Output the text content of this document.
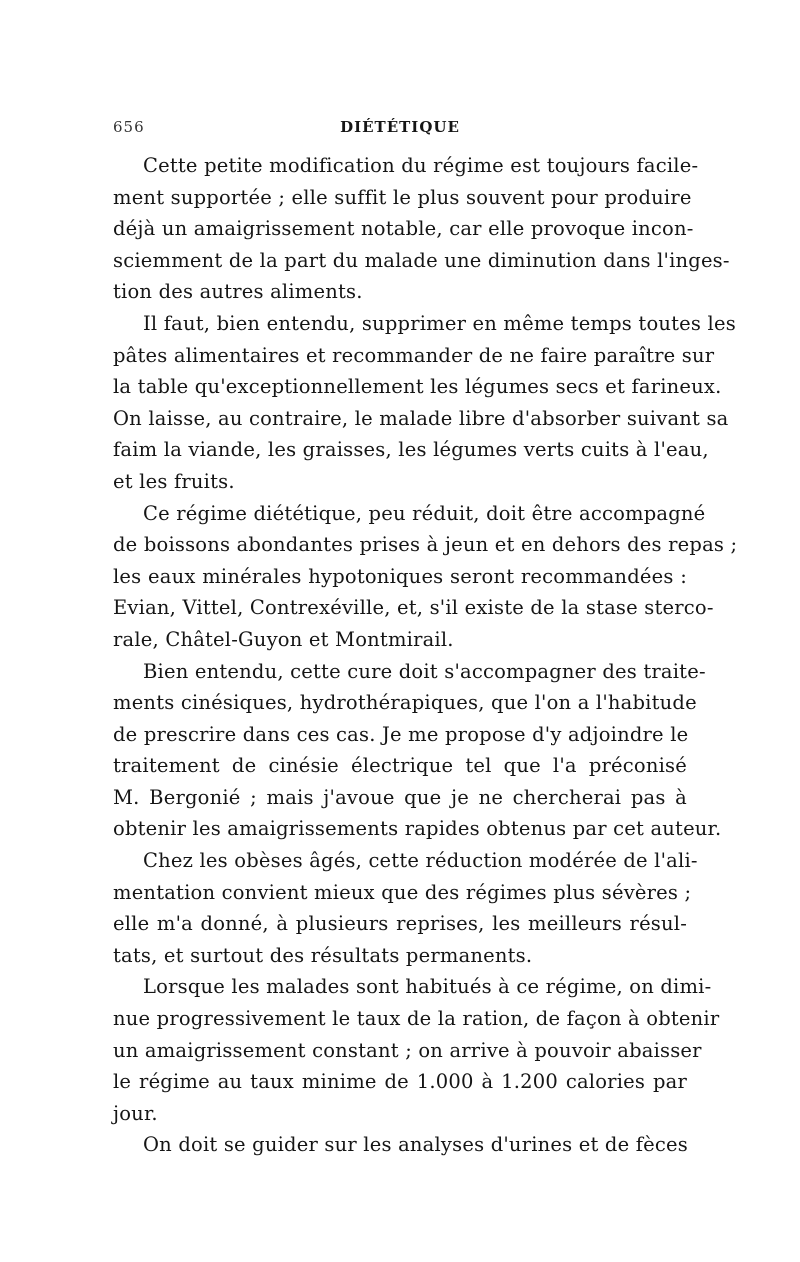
656	DIÉTÉTIQUE
Cette petite modification du régime est toujours facile-
ment supportée ; elle suffit le plus souvent pour produire
déjà un amaigrissement notable, car elle provoque incon-
sciemment de la part du malade une diminution dans l'inges-
tion des autres aliments.
Il faut, bien entendu, supprimer en même temps toutes les
pâtes alimentaires et recommander de ne faire paraître sur
la table qu'exceptionnellement les légumes secs et farineux.
On laisse, au contraire, le malade libre d'absorber suivant sa
faim la viande, les graisses, les légumes verts cuits à l'eau,
et les fruits.
Ce régime diététique, peu réduit, doit être accompagné
de boissons abondantes prises à jeun et en dehors des repas ;
les eaux minérales hypotoniques seront recommandées :
Evian, Vittel, Contrexéville, et, s'il existe de la stase sterco-
rale, Châtel-Guyon et Montmirail.
Bien entendu, cette cure doit s'accompagner des traite-
ments cinésiques, hydrothérapiques, que l'on a l'habitude
de prescrire dans ces cas. Je me propose d'y adjoindre le
traitement de cinésie électrique tel que l'a préconisé
M. Bergonié ; mais j'avoue que je ne chercherai pas à
obtenir les amaigrissements rapides obtenus par cet auteur.
Chez les obèses âgés, cette réduction modérée de l'ali-
mentation convient mieux que des régimes plus sévères ;
elle m'a donné, à plusieurs reprises, les meilleurs résul-
tats, et surtout des résultats permanents.
Lorsque les malades sont habitués à ce régime, on dimi-
nue progressivement le taux de la ration, de façon à obtenir
un amaigrissement constant ; on arrive à pouvoir abaisser
le régime au taux minime de 1.000 à 1.200 calories par
jour.
On doit se guider sur les analyses d'urines et de fèces
